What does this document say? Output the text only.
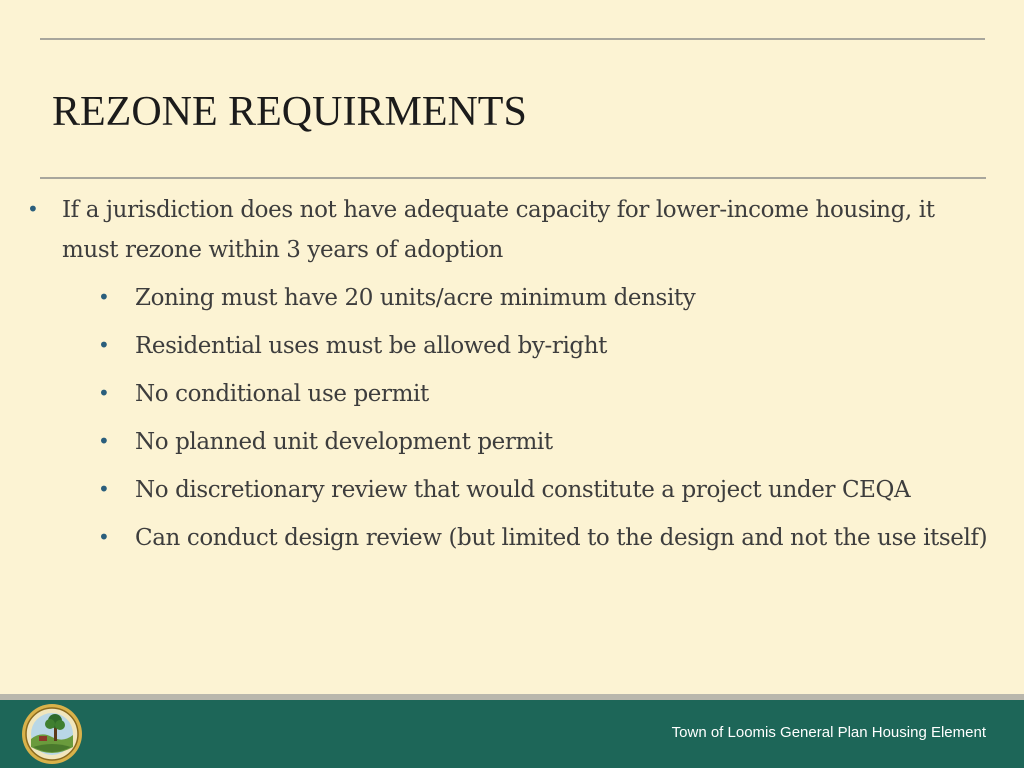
REZONE REQUIRMENTS
• If a jurisdiction does not have adequate capacity for lower-income housing, it must rezone within 3 years of adoption
• Zoning must have 20 units/acre minimum density
• Residential uses must be allowed by-right
• No conditional use permit
• No planned unit development permit
• No discretionary review that would constitute a project under CEQA
• Can conduct design review (but limited to the design and not the use itself)
Town of Loomis General Plan Housing Element
